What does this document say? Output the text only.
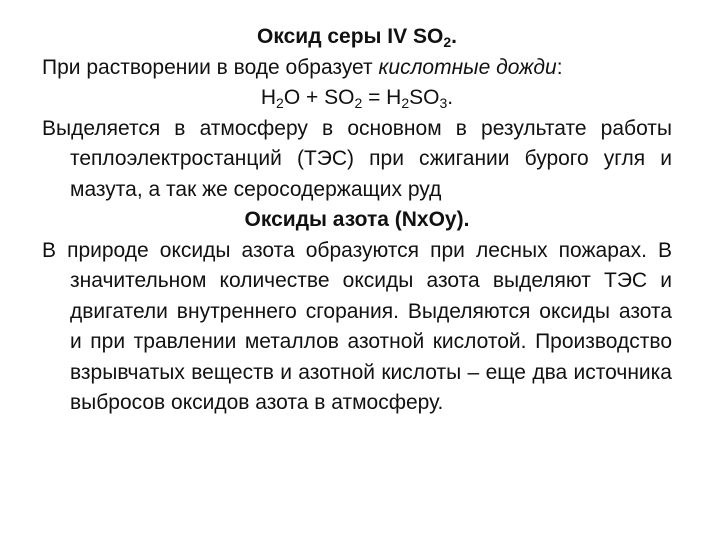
Оксид серы IV $SO_2$.

При растворении в воде образует кислотные дожди:

$H_2O + SO_2 = H_2SO_3$.

Выделяется в атмосферу в основном в результате работы теплоэлектростанций (ТЭС) при сжигании бурого угля и мазута, а так же серосодержащих руд

Оксиды азота (NxOy).

В природе оксиды азота образуются при лесных пожарах. В значительном количестве оксиды азота выделяют ТЭС и двигатели внутреннего сгорания. Выделяются оксиды азота и при травлении металлов азотной кислотой. Производство взрывчатых веществ и азотной кислоты – еще два источника выбросов оксидов азота в атмосферу.
